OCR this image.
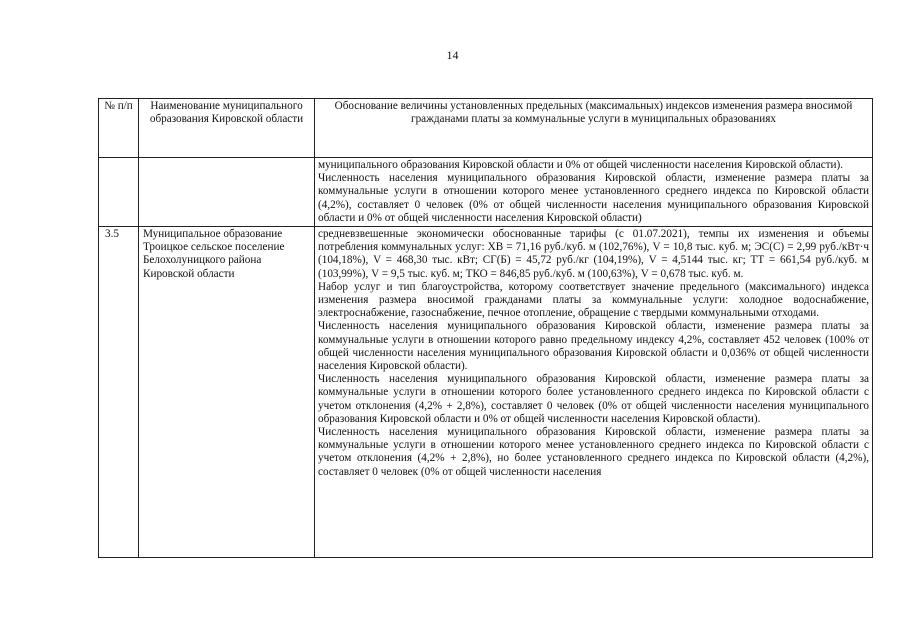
14
№ п/п	Наименование муниципального образования Кировской области	Обоснование величины установленных предельных (максимальных) индексов изменения размера вносимой гражданами платы за коммунальные услуги в муниципальных образованиях

		муниципального образования Кировской области и 0% от общей численности населения Кировской области).

Численность населения муниципального образования Кировской области, изменение размера платы за коммунальные услуги в отношении которого менее установленного среднего индекса по Кировской области (4,2%), составляет 0 человек (0% от общей численности населения муниципального образования Кировской области и 0% от общей численности населения Кировской области)

3.5	Муниципальное образование Троицкое сельское поселение Белохолуницкого района Кировской области	средневзвешенные экономически обоснованные тарифы (с 01.07.2021), темпы их изменения и объемы потребления коммунальных услуг: ХВ = 71,16 руб./куб. м (102,76%), V = 10,8 тыс. куб. м; ЭС(С) = 2,99 руб./кВт·ч (104,18%), V = 468,30 тыс. кВт; СГ(Б) = 45,72 руб./кг (104,19%), V = 4,5144 тыс. кг; ТТ = 661,54 руб./куб. м (103,99%), V = 9,5 тыс. куб. м; ТКО = 846,85 руб./куб. м (100,63%), V = 0,678 тыс. куб. м.

Набор услуг и тип благоустройства, которому соответствует значение предельного (максимального) индекса изменения размера вносимой гражданами платы за коммунальные услуги: холодное водоснабжение, электроснабжение, газоснабжение, печное отопление, обращение с твердыми коммунальными отходами.

Численность населения муниципального образования Кировской области, изменение размера платы за коммунальные услуги в отношении которого равно предельному индексу 4,2%, составляет 452 человек (100% от общей численности населения муниципального образования Кировской области и 0,036% от общей численности населения Кировской области).

Численность населения муниципального образования Кировской области, изменение размера платы за коммунальные услуги в отношении которого более установленного среднего индекса по Кировской области с учетом отклонения (4,2% + 2,8%), составляет 0 человек (0% от общей численности населения муниципального образования Кировской области и 0% от общей численности населения Кировской области).

Численность населения муниципального образования Кировской области, изменение размера платы за коммунальные услуги в отношении которого менее установленного среднего индекса по Кировской области с учетом отклонения (4,2% + 2,8%), но более установленного среднего индекса по Кировской области (4,2%), составляет 0 человек (0% от общей численности населения
